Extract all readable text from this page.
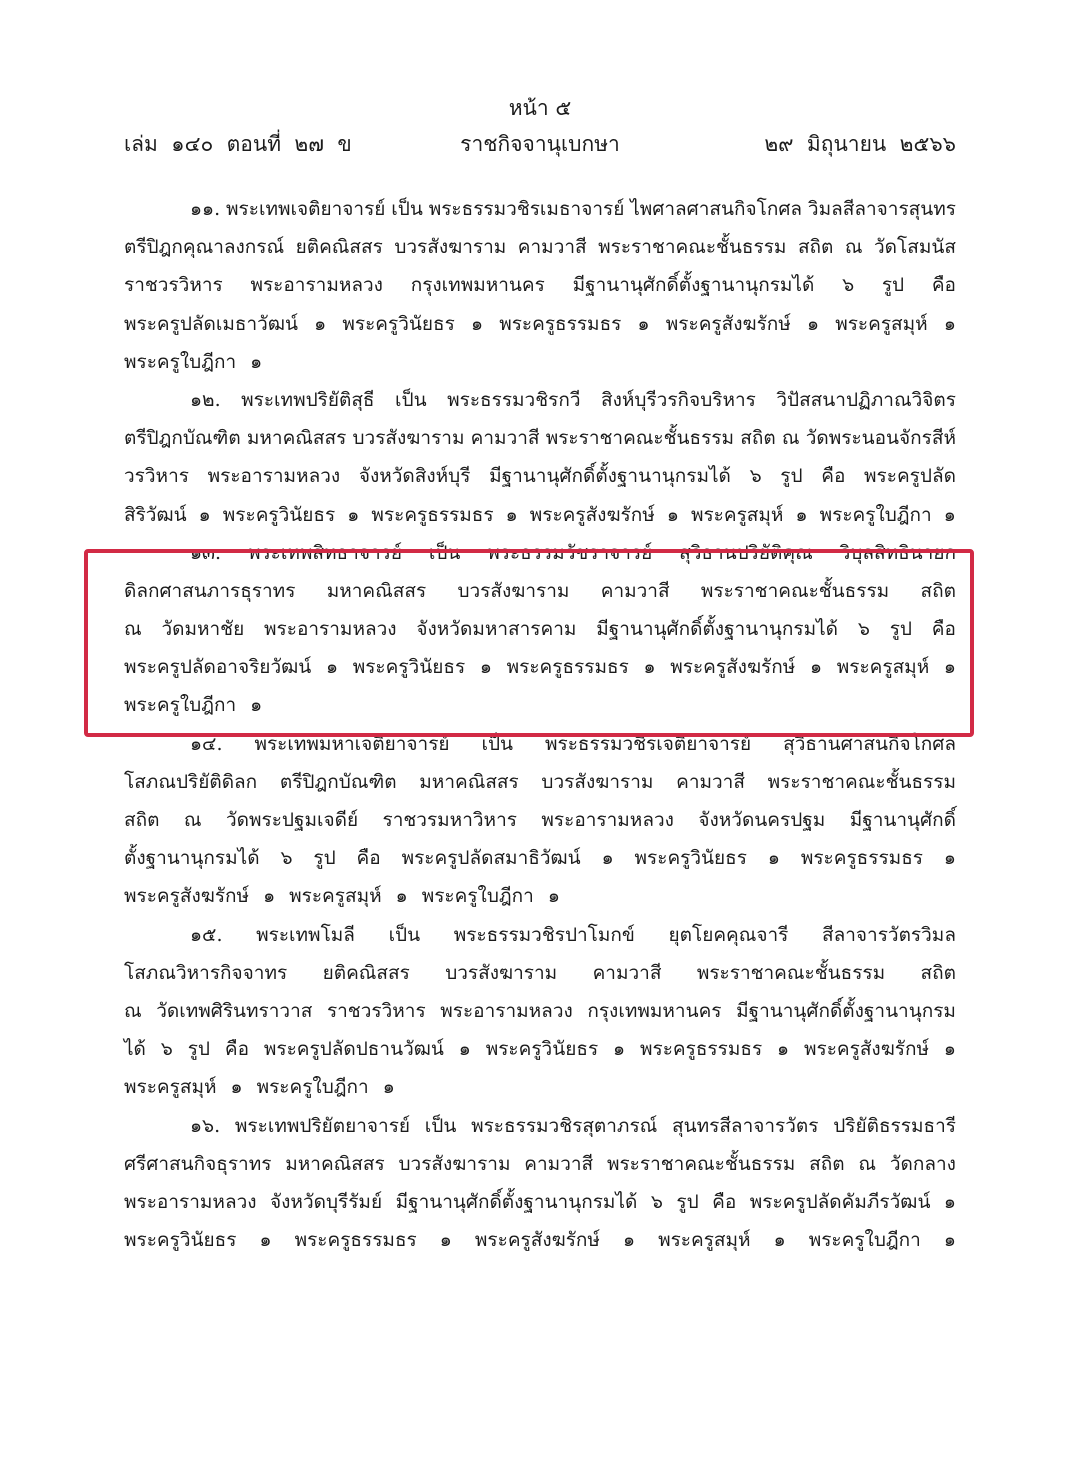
หน้า ๕
เล่ม  ๑๔๐  ตอนที่  ๒๗  ข	ราชกิจจานุเบกษา	๒๙  มิถุนายน  ๒๕๖๖
๑๑. พระเทพเจติยาจารย์ เป็น พระธรรมวชิรเมธาจารย์ ไพศาลศาสนกิจโกศล วิมลสีลาจารสุนทร
ตรีปิฎกคุณาลงกรณ์ ยติคณิสสร บวรสังฆาราม คามวาสี พระราชาคณะชั้นธรรม สถิต ณ วัดโสมนัส
ราชวรวิหาร พระอารามหลวง กรุงเทพมหานคร มีฐานานุศักดิ์ตั้งฐานานุกรมได้ ๖ รูป คือ
พระครูปลัดเมธาวัฒน์ ๑ พระครูวินัยธร ๑ พระครูธรรมธร ๑ พระครูสังฆรักษ์ ๑ พระครูสมุห์ ๑
พระครูใบฎีกา ๑
๑๒. พระเทพปริยัติสุธี เป็น พระธรรมวชิรกวี สิงห์บุรีวรกิจบริหาร วิปัสสนาปฏิภาณวิจิตร
ตรีปิฎกบัณฑิต มหาคณิสสร บวรสังฆาราม คามวาสี พระราชาคณะชั้นธรรม สถิต ณ วัดพระนอนจักรสีห์
วรวิหาร พระอารามหลวง จังหวัดสิงห์บุรี มีฐานานุศักดิ์ตั้งฐานานุกรมได้ ๖ รูป คือ พระครูปลัด
สิริวัฒน์ ๑ พระครูวินัยธร ๑ พระครูธรรมธร ๑ พระครูสังฆรักษ์ ๑ พระครูสมุห์ ๑ พระครูใบฎีกา ๑
๑๓. พระเทพสิทธาจารย์ เป็น พระธรรมวัชราจารย์ สุวิธานปริยัติคุณ วิบุลสิทธินายก
ดิลกศาสนภารธุราทร มหาคณิสสร บวรสังฆาราม คามวาสี พระราชาคณะชั้นธรรม สถิต
ณ วัดมหาชัย พระอารามหลวง จังหวัดมหาสารคาม มีฐานานุศักดิ์ตั้งฐานานุกรมได้ ๖ รูป คือ
พระครูปลัดอาจริยวัฒน์ ๑ พระครูวินัยธร ๑ พระครูธรรมธร ๑ พระครูสังฆรักษ์ ๑ พระครูสมุห์ ๑
พระครูใบฎีกา ๑
๑๔. พระเทพมหาเจติยาจารย์ เป็น พระธรรมวชิรเจติยาจารย์ สุวิธานศาสนกิจโกศล
โสภณปริยัติดิลก ตรีปิฎกบัณฑิต มหาคณิสสร บวรสังฆาราม คามวาสี พระราชาคณะชั้นธรรม
สถิต ณ วัดพระปฐมเจดีย์ ราชวรมหาวิหาร พระอารามหลวง จังหวัดนครปฐม มีฐานานุศักดิ์
ตั้งฐานานุกรมได้ ๖ รูป คือ พระครูปลัดสมาธิวัฒน์ ๑ พระครูวินัยธร ๑ พระครูธรรมธร ๑
พระครูสังฆรักษ์ ๑ พระครูสมุห์ ๑ พระครูใบฎีกา ๑
๑๕. พระเทพโมลี เป็น พระธรรมวชิรปาโมกข์ ยุตโยคคุณจารี สีลาจารวัตรวิมล
โสภณวิหารกิจจาทร ยติคณิสสร บวรสังฆาราม คามวาสี พระราชาคณะชั้นธรรม สถิต
ณ วัดเทพศิรินทราวาส ราชวรวิหาร พระอารามหลวง กรุงเทพมหานคร มีฐานานุศักดิ์ตั้งฐานานุกรม
ได้ ๖ รูป คือ พระครูปลัดปธานวัฒน์ ๑ พระครูวินัยธร ๑ พระครูธรรมธร ๑ พระครูสังฆรักษ์ ๑
พระครูสมุห์ ๑ พระครูใบฎีกา ๑
๑๖. พระเทพปริยัตยาจารย์ เป็น พระธรรมวชิรสุตาภรณ์ สุนทรสีลาจารวัตร ปริยัติธรรมธารี
ศรีศาสนกิจธุราทร มหาคณิสสร บวรสังฆาราม คามวาสี พระราชาคณะชั้นธรรม สถิต ณ วัดกลาง
พระอารามหลวง จังหวัดบุรีรัมย์ มีฐานานุศักดิ์ตั้งฐานานุกรมได้ ๖ รูป คือ พระครูปลัดคัมภีรวัฒน์ ๑
พระครูวินัยธร ๑ พระครูธรรมธร ๑ พระครูสังฆรักษ์ ๑ พระครูสมุห์ ๑ พระครูใบฎีกา ๑
